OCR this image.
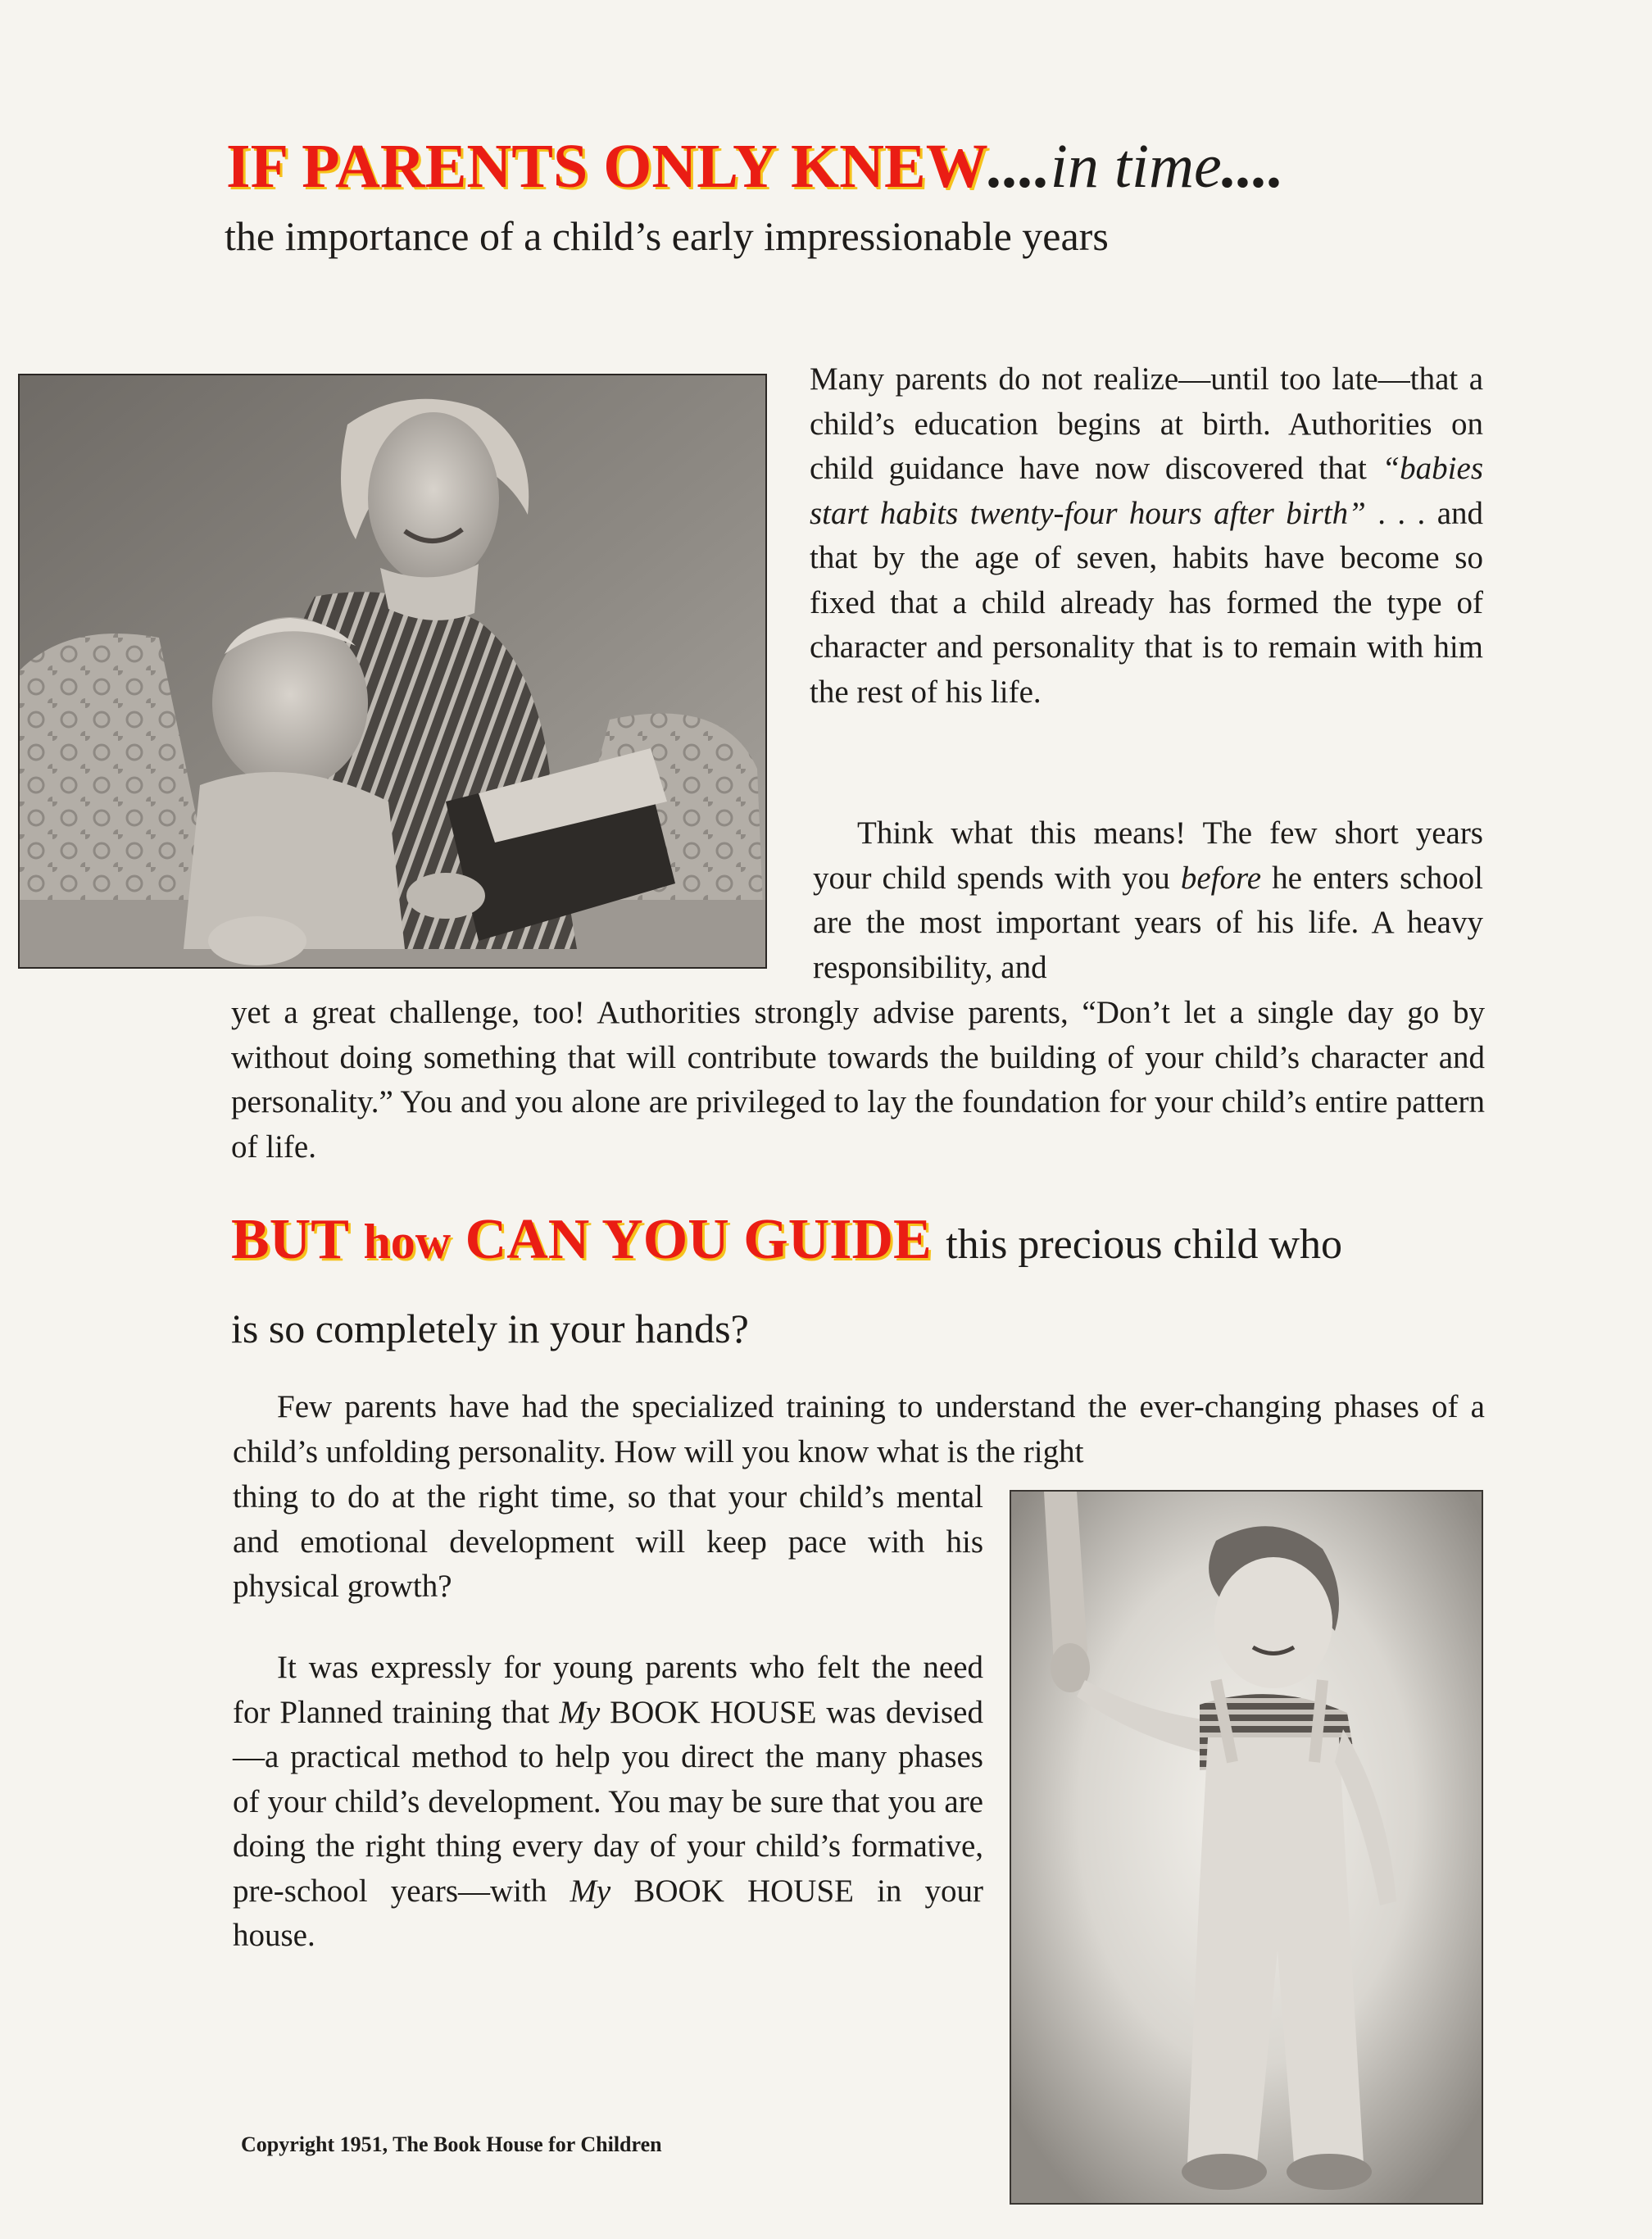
IF PARENTS ONLY KNEW....in time....
the importance of a child’s early impressionable years
Many parents do not realize—until too late—that a child’s education begins at birth. Authorities on child guidance have now discovered that “babies start habits twenty-four hours after birth” . . . and that by the age of seven, habits have become so fixed that a child already has formed the type of character and personality that is to remain with him the rest of his life.
Think what this means! The few short years your child spends with you before he enters school are the most important years of his life. A heavy responsibility, and
yet a great challenge, too! Authorities strongly advise parents, “Don’t let a single day go by without doing something that will contribute towards the building of your child’s character and personality.” You and you alone are privileged to lay the foundation for your child’s entire pattern of life.
BUT how CAN YOU GUIDE this precious child who
is so completely in your hands?
Few parents have had the specialized training to understand the ever-changing phases of a child’s unfolding personality. How will you know what is the right
thing to do at the right time, so that your child’s mental and emotional development will keep pace with his physical growth?
It was expressly for young parents who felt the need for Planned training that My BOOK HOUSE was devised—a practical method to help you direct the many phases of your child’s development. You may be sure that you are doing the right thing every day of your child’s formative, pre-school years—with My BOOK HOUSE in your house.
Copyright 1951, The Book House for Children
